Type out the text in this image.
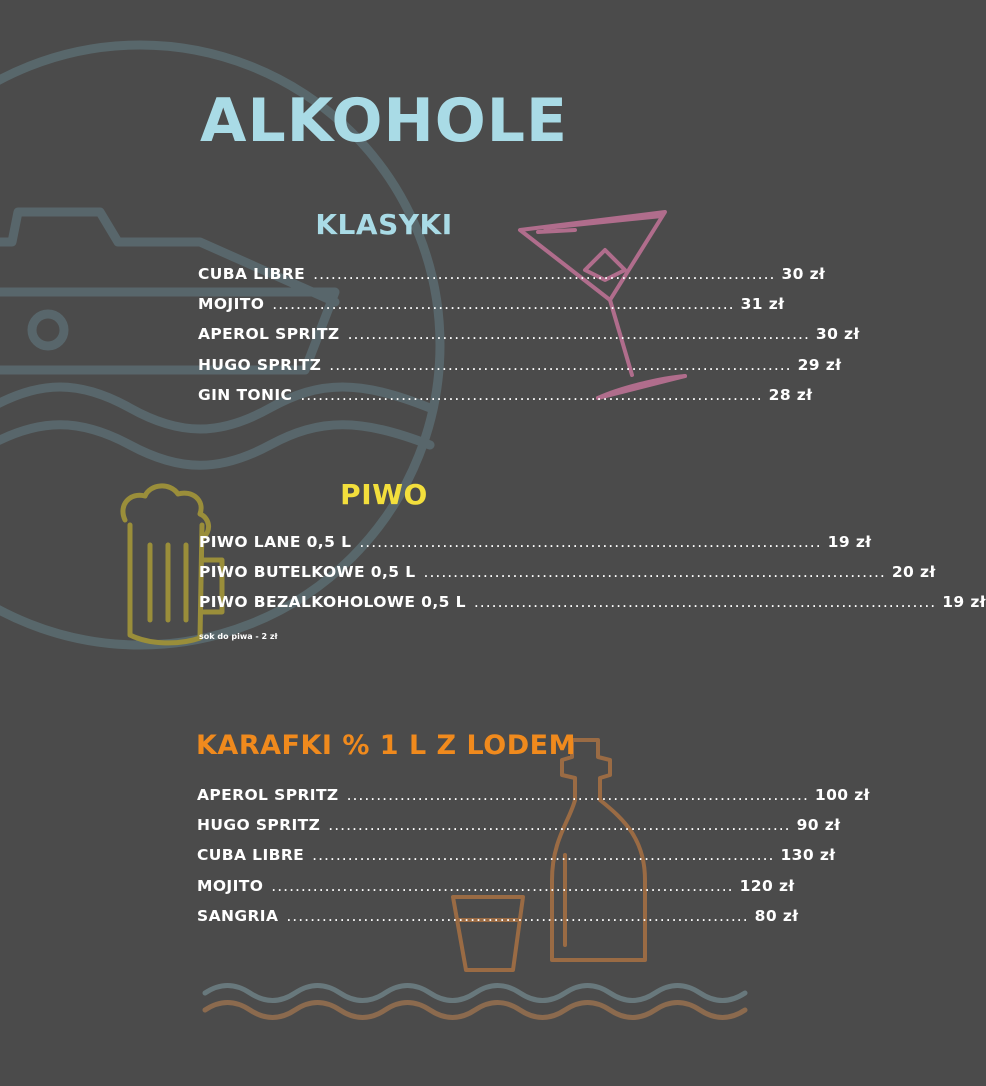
ALKOHOLE
KLASYKI
CUBA LIBRE .............................................................................. 30 zł
MOJITO .............................................................................. 31 zł
APEROL SPRITZ .............................................................................. 30 zł
HUGO SPRITZ .............................................................................. 29 zł
GIN TONIC .............................................................................. 28 zł
PIWO
PIWO LANE 0,5 L .............................................................................. 19 zł
PIWO BUTELKOWE 0,5 L .............................................................................. 20 zł
PIWO BEZALKOHOLOWE 0,5 L .............................................................................. 19 zł
sok do piwa - 2 zł
KARAFKI % 1 L Z LODEM
APEROL SPRITZ .............................................................................. 100 zł
HUGO SPRITZ .............................................................................. 90 zł
CUBA LIBRE .............................................................................. 130 zł
MOJITO .............................................................................. 120 zł
SANGRIA .............................................................................. 80 zł
